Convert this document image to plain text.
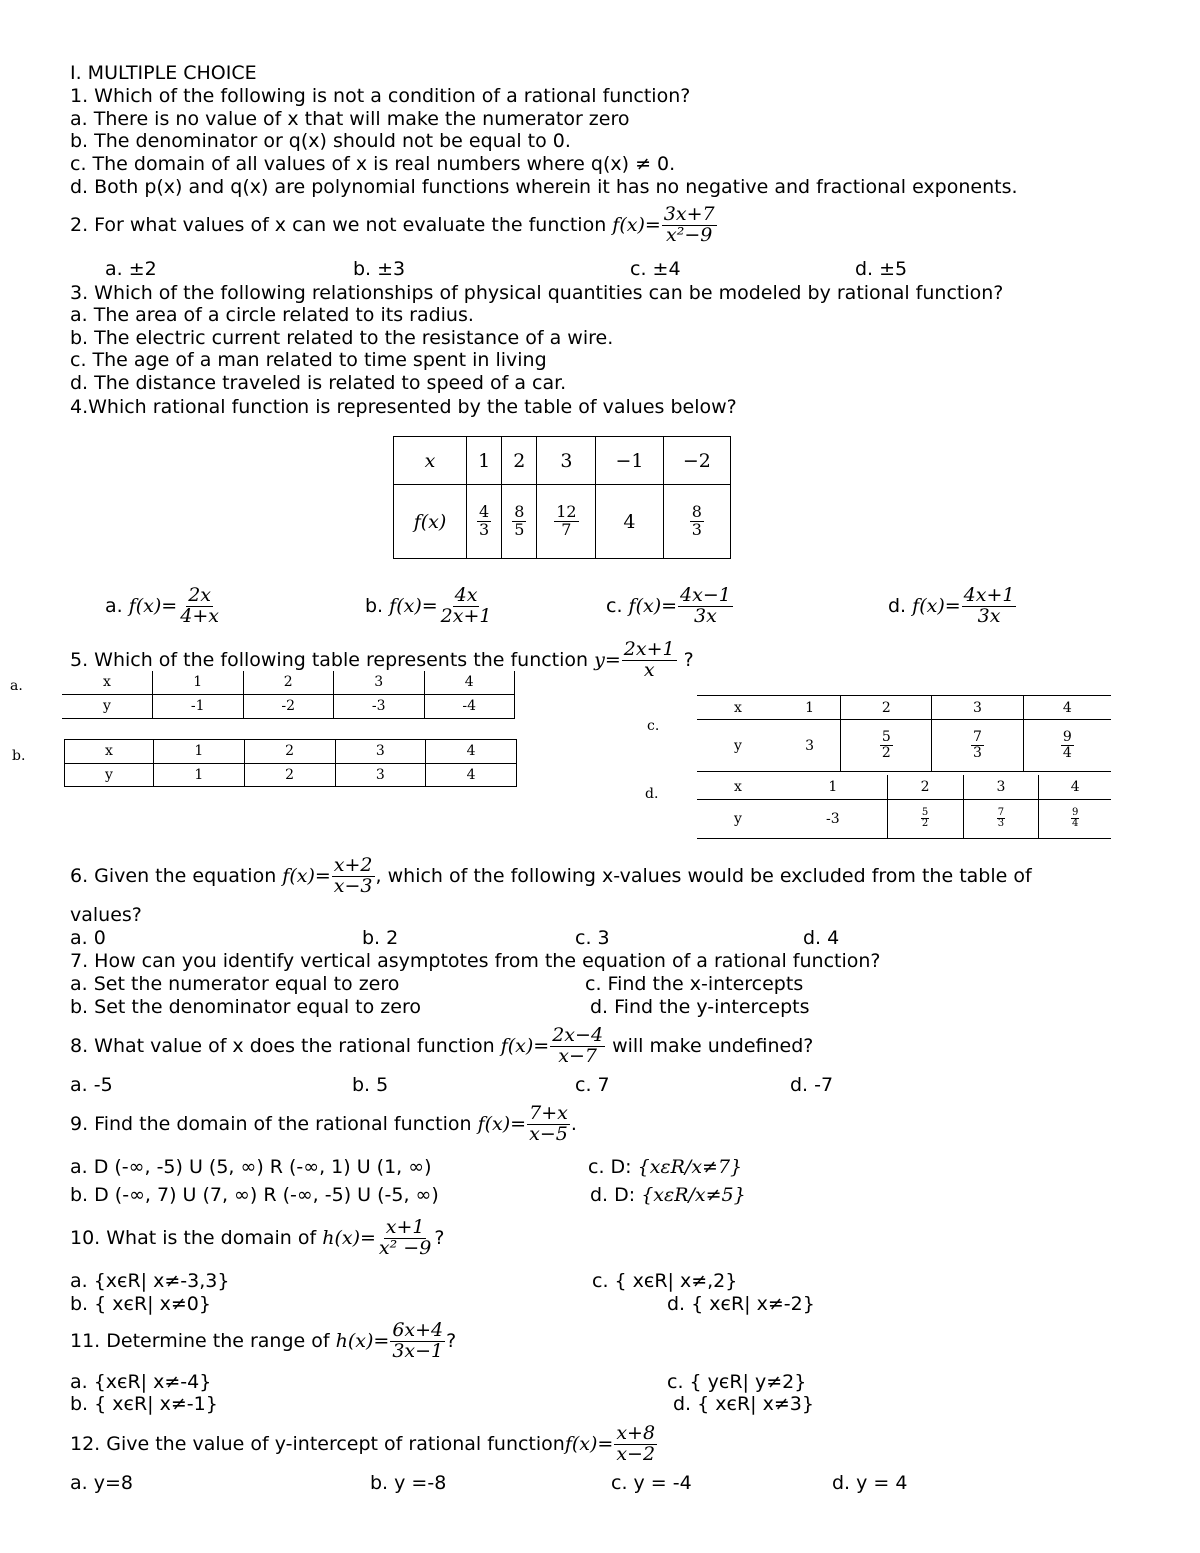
I. MULTIPLE CHOICE
1. Which of the following is not a condition of a rational function?
a. There is no value of x that will make the numerator zero
b. The denominator or q(x) should not be equal to 0.
c. The domain of all values of x is real numbers where q(x) ≠ 0.
d. Both p(x) and q(x) are polynomial functions wherein it has no negative and fractional exponents.
2. For what values of x can we not evaluate the function $f(x)= \frac{3x+7}{\text{x²−9}}$
a. ±2	b. ±3	c. ±4	d. ±5
3. Which of the following relationships of physical quantities can be modeled by rational function?
a. The area of a circle related to its radius.
b. The electric current related to the resistance of a wire.
c. The age of a man related to time spent in living
d. The distance traveled is related to speed of a car.
4.Which rational function is represented by the table of values below?
x	1	2	3	−1	−2
f(x)	$\frac{4}{3}$	$\frac{8}{5}$	$\frac{12}{7}$	4	$\frac{8}{3}$
a. $f(x)= \frac{2x}{4+x}$	b. $f(x)= \frac{4x}{2x+1}$	c. $f(x)= \frac{4x-1}{3x}$	d. $f(x)= \frac{4x+1}{3x}$
5. Which of the following table represents the function $y= \frac{2x+1}{x}$ ?
a.
b.
c.
d.
x	1	2	3	4
y	-1	-2	-3	-4
x	1	2	3	4
y	1	2	3	4
x	1	2	3	4
y	3	$\frac{5}{2}$	$\frac{7}{3}$	$\frac{9}{4}$
x	1	2	3	4
y	-3	$\frac{5}{2}$	$\frac{7}{3}$	$\frac{9}{4}$
6. Given the equation $f(x)= \frac{x+2}{x-3}$ , which of the following x-values would be excluded from the table of
values?
a. 0	b. 2	c. 3	d. 4
7. How can you identify vertical asymptotes from the equation of a rational function?
a. Set the numerator equal to zero	c. Find the x-intercepts
b. Set the denominator equal to zero	d. Find the y-intercepts
8. What value of x does the rational function $f(x)= \frac{2x-4}{x-7}$ will make undefined?
a. -5	b. 5	c. 7	d. -7
9. Find the domain of the rational function $f(x)= \frac{7+x}{x-5}$ .
a. D (-∞, -5) U (5, ∞) R (-∞, 1) U (1, ∞)
b. D (-∞, 7) U (7, ∞) R (-∞, -5) U (-5, ∞)
c. D: {xεR/x≠7}
d. D: {xεR/x≠5}
10. What is the domain of $h(x)= \frac{x+1}{\text{x² −9}}$ ?
a. {xєR| x≠-3,3}	c. { xєR| x≠,2}
b. { xєR| x≠0}	d. { xєR| x≠-2}
11. Determine the range of $h(x)= \frac{6x+4}{3x-1}$ ?
a. {xєR| x≠-4}	c. { yєR| y≠2}
b. { xєR| x≠-1}	d. { xєR| x≠3}
12. Give the value of y-intercept of rational functionf(x)= $\frac{x+8}{x-2}$
a. y=8	b. y =-8	c. y = -4	d. y = 4
